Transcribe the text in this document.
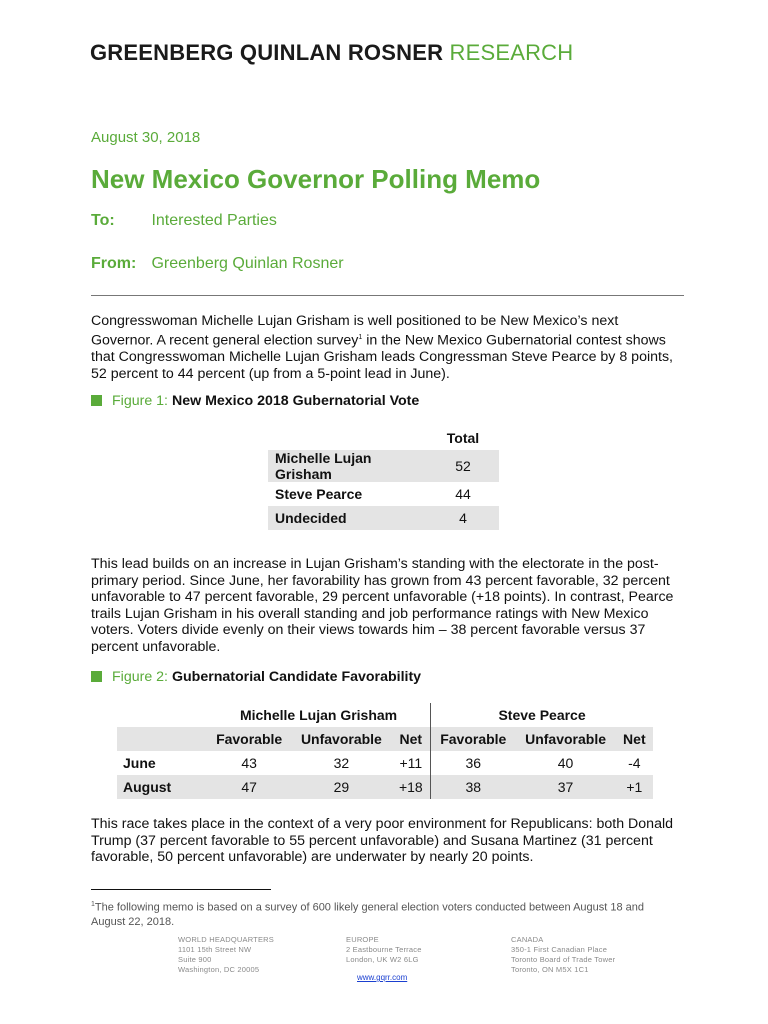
GREENBERG QUINLAN ROSNER RESEARCH
August 30, 2018
New Mexico Governor Polling Memo
To: Interested Parties
From: Greenberg Quinlan Rosner

Congresswoman Michelle Lujan Grisham is well positioned to be New Mexico’s next Governor. A recent general election survey$^1$ in the New Mexico Gubernatorial contest shows that Congresswoman Michelle Lujan Grisham leads Congressman Steve Pearce by 8 points, 52 percent to 44 percent (up from a 5-point lead in June).

Figure 1: New Mexico 2018 Gubernatorial Vote
	Total
Michelle Lujan Grisham	52
Steve Pearce	44
Undecided	4

This lead builds on an increase in Lujan Grisham’s standing with the electorate in the post-primary period. Since June, her favorability has grown from 43 percent favorable, 32 percent unfavorable to 47 percent favorable, 29 percent unfavorable (+18 points). In contrast, Pearce trails Lujan Grisham in his overall standing and job performance ratings with New Mexico voters. Voters divide evenly on their views towards him – 38 percent favorable versus 37 percent unfavorable.

Figure 2: Gubernatorial Candidate Favorability
	Michelle Lujan Grisham			Steve Pearce		
	Favorable	Unfavorable	Net	Favorable	Unfavorable	Net
June	43	32	+11	36	40	-4
August	47	29	+18	38	37	+1

This race takes place in the context of a very poor environment for Republicans: both Donald Trump (37 percent favorable to 55 percent unfavorable) and Susana Martinez (31 percent favorable, 50 percent unfavorable) are underwater by nearly 20 points.

$^1$The following memo is based on a survey of 600 likely general election voters conducted between August 18 and August 22, 2018.

WORLD HEADQUARTERS
1101 15th Street NW
Suite 900
Washington, DC 20005
EUROPE
2 Eastbourne Terrace
London, UK W2 6LG
CANADA
350-1 First Canadian Place
Toronto Board of Trade Tower
Toronto, ON M5X 1C1
www.gqrr.com
